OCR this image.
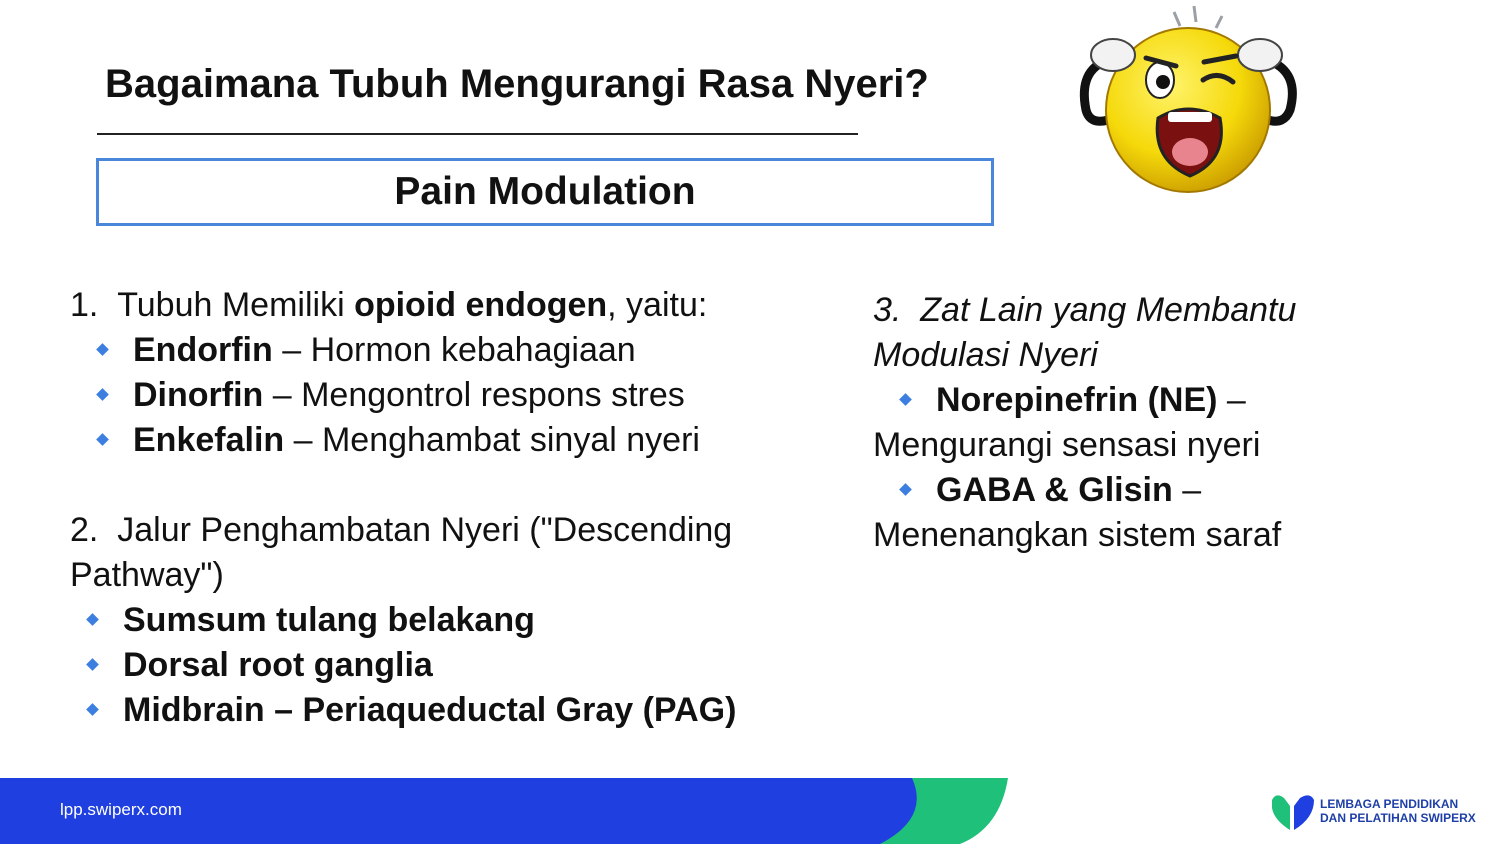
Bagaimana Tubuh Mengurangi Rasa Nyeri?
Pain Modulation
1. Tubuh Memiliki opioid endogen, yaitu:
Endorfin – Hormon kebahagiaan
Dinorfin – Mengontrol respons stres
Enkefalin – Menghambat sinyal nyeri
2. Jalur Penghambatan Nyeri ("Descending
Pathway")
Sumsum tulang belakang
Dorsal root ganglia
Midbrain – Periaqueductal Gray (PAG)
3. Zat Lain yang Membantu
Modulasi Nyeri
Norepinefrin (NE) –
Mengurangi sensasi nyeri
GABA & Glisin –
Menenangkan sistem saraf
lpp.swiperx.com	LEMBAGA PENDIDIKAN
DAN PELATIHAN SWIPERX
